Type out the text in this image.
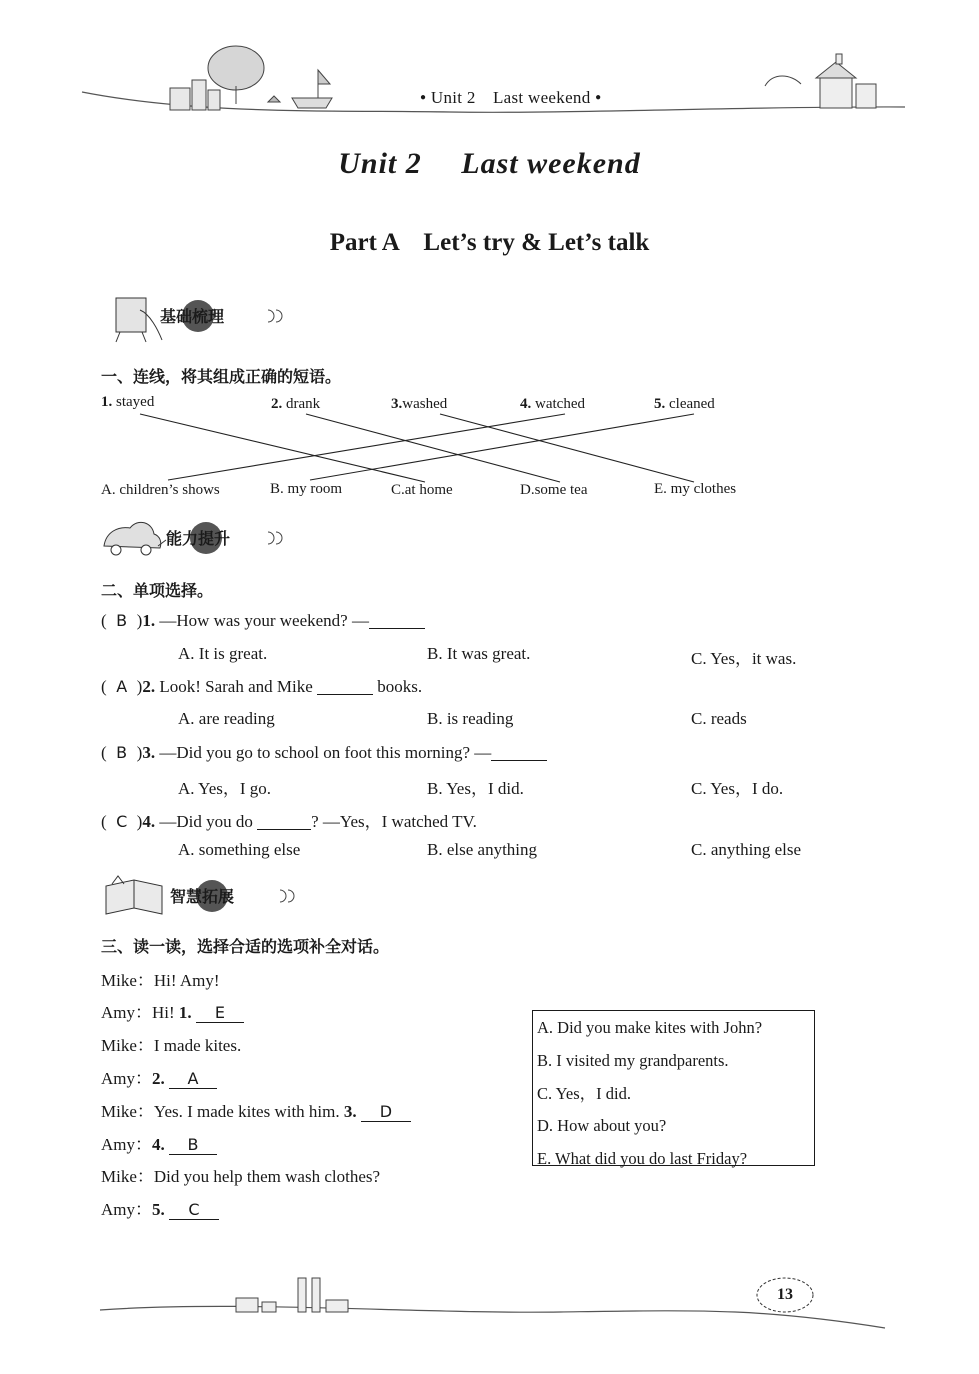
● Unit 2　Last weekend ●
Unit 2　 Last weekend
Part A　Let’s try & Let’s talk
基础梳理
一、连线，将其组成正确的短语。
1. stayed	2. drank	3.washed	4. watched	5. cleaned
A. children’s shows	B. my room	C.at home	D.some tea	E. my clothes
能力提升
二、单项选择。
( B )1. —How was your weekend? —
A. It is great.	B. It was great.	C. Yes，it was.
( A )2. Look! Sarah and Mike	books.
A. are reading	B. is reading	C. reads
( B )3. —Did you go to school on foot this morning? —
A. Yes，I go.	B. Yes，I did.	C. Yes，I do.
( C )4. —Did you do	? —Yes，I watched TV.
A. something else	B. else anything	C. anything else
智慧拓展
三、读一读，选择合适的选项补全对话。
Mike：Hi! Amy!
Amy：Hi! 1. E
Mike：I made kites.
Amy：2. A
Mike：Yes. I made kites with him. 3. D
Amy：4. B
Mike：Did you help them wash clothes?
Amy：5. C
A. Did you make kites with John?
B. I visited my grandparents.
C. Yes，I did.
D. How about you?
E. What did you do last Friday?
13
